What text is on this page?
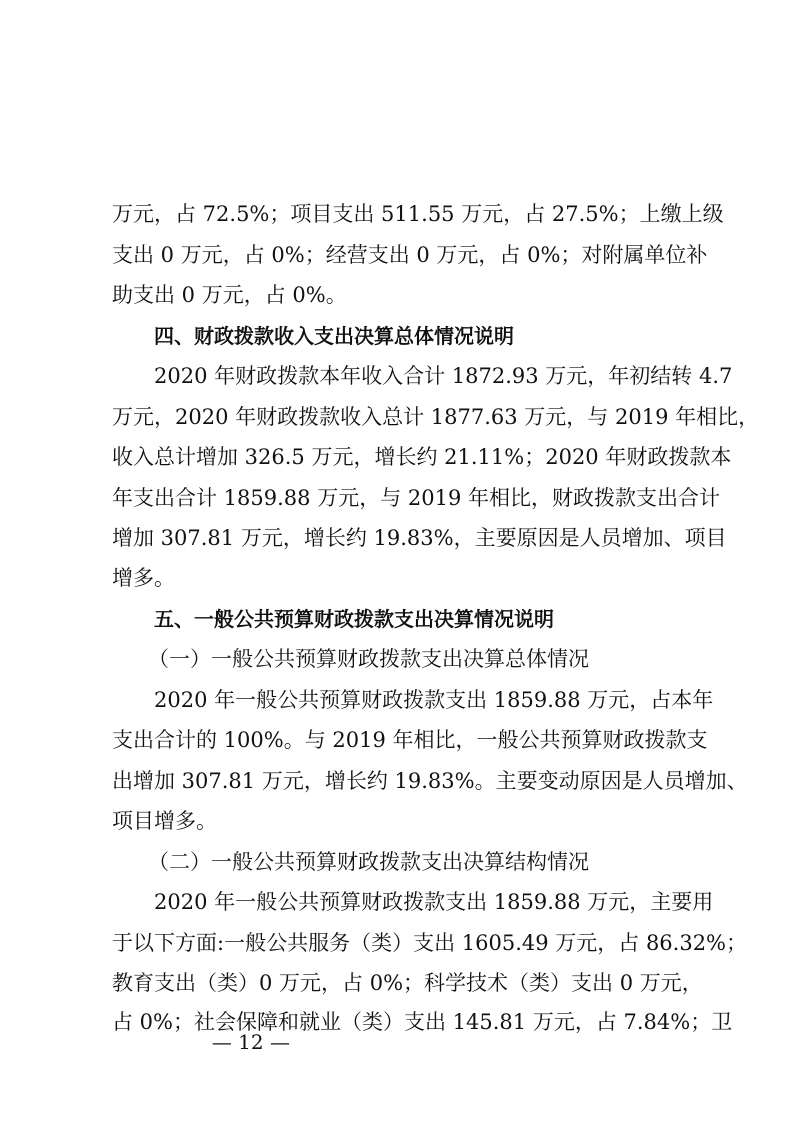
万元，占 72.5%；项目支出 511.55 万元，占 27.5%；上缴上级
支出 0 万元，占 0%；经营支出 0 万元，占 0%；对附属单位补
助支出 0 万元，占 0%。
四、财政拨款收入支出决算总体情况说明
2020 年财政拨款本年收入合计 1872.93 万元，年初结转 4.7
万元，2020 年财政拨款收入总计 1877.63 万元，与 2019 年相比，
收入总计增加 326.5 万元，增长约 21.11%；2020 年财政拨款本
年支出合计 1859.88 万元，与 2019 年相比，财政拨款支出合计
增加 307.81 万元，增长约 19.83%，主要原因是人员增加、项目
增多。
五、一般公共预算财政拨款支出决算情况说明
（一）一般公共预算财政拨款支出决算总体情况
2020 年一般公共预算财政拨款支出 1859.88 万元，占本年
支出合计的 100%。与 2019 年相比，一般公共预算财政拨款支
出增加 307.81 万元，增长约 19.83%。主要变动原因是人员增加、
项目增多。
（二）一般公共预算财政拨款支出决算结构情况
2020 年一般公共预算财政拨款支出 1859.88 万元，主要用
于以下方面:一般公共服务（类）支出 1605.49 万元，占 86.32%；
教育支出（类）0 万元，占 0%；科学技术（类）支出 0 万元，
占 0%；社会保障和就业（类）支出 145.81 万元，占 7.84%；卫
— 12 —
